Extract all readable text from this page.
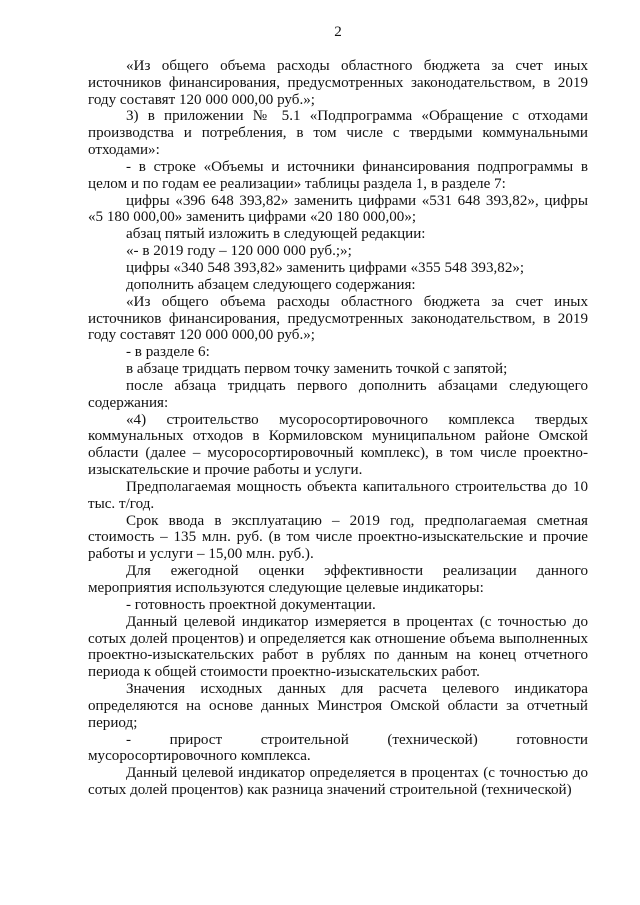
2

«Из общего объема расходы областного бюджета за счет иных источников финансирования, предусмотренных законодательством, в 2019 году составят 120 000 000,00 руб.»;

3) в приложении № 5.1 «Подпрограмма «Обращение с отходами производства и потребления, в том числе с твердыми коммунальными отходами»:

- в строке «Объемы и источники финансирования подпрограммы в целом и по годам ее реализации» таблицы раздела 1, в разделе 7:

цифры «396 648 393,82» заменить цифрами «531 648 393,82», цифры «5 180 000,00» заменить цифрами «20 180 000,00»;

абзац пятый изложить в следующей редакции:

«- в 2019 году – 120 000 000 руб.;»;

цифры «340 548 393,82» заменить цифрами «355 548 393,82»;

дополнить абзацем следующего содержания:

«Из общего объема расходы областного бюджета за счет иных источников финансирования, предусмотренных законодательством, в 2019 году составят 120 000 000,00 руб.»;

- в разделе 6:

в абзаце тридцать первом точку заменить точкой с запятой;

после абзаца тридцать первого дополнить абзацами следующего содержания:

«4) строительство мусоросортировочного комплекса твердых коммунальных отходов в Кормиловском муниципальном районе Омской области (далее – мусоросортировочный комплекс), в том числе проектно-изыскательские и прочие работы и услуги.

Предполагаемая мощность объекта капитального строительства до 10 тыс. т/год.

Срок ввода в эксплуатацию – 2019 год, предполагаемая сметная стоимость – 135 млн. руб. (в том числе проектно-изыскательские и прочие работы и услуги – 15,00 млн. руб.).

Для ежегодной оценки эффективности реализации данного мероприятия используются следующие целевые индикаторы:

- готовность проектной документации.

Данный целевой индикатор измеряется в процентах (с точностью до сотых долей процентов) и определяется как отношение объема выполненных проектно-изыскательских работ в рублях по данным на конец отчетного периода к общей стоимости проектно-изыскательских работ.

Значения исходных данных для расчета целевого индикатора определяются на основе данных Минстроя Омской области за отчетный период;

- прирост строительной (технической) готовности мусоросортировочного комплекса.

Данный целевой индикатор определяется в процентах (с точностью до сотых долей процентов) как разница значений строительной (технической)
